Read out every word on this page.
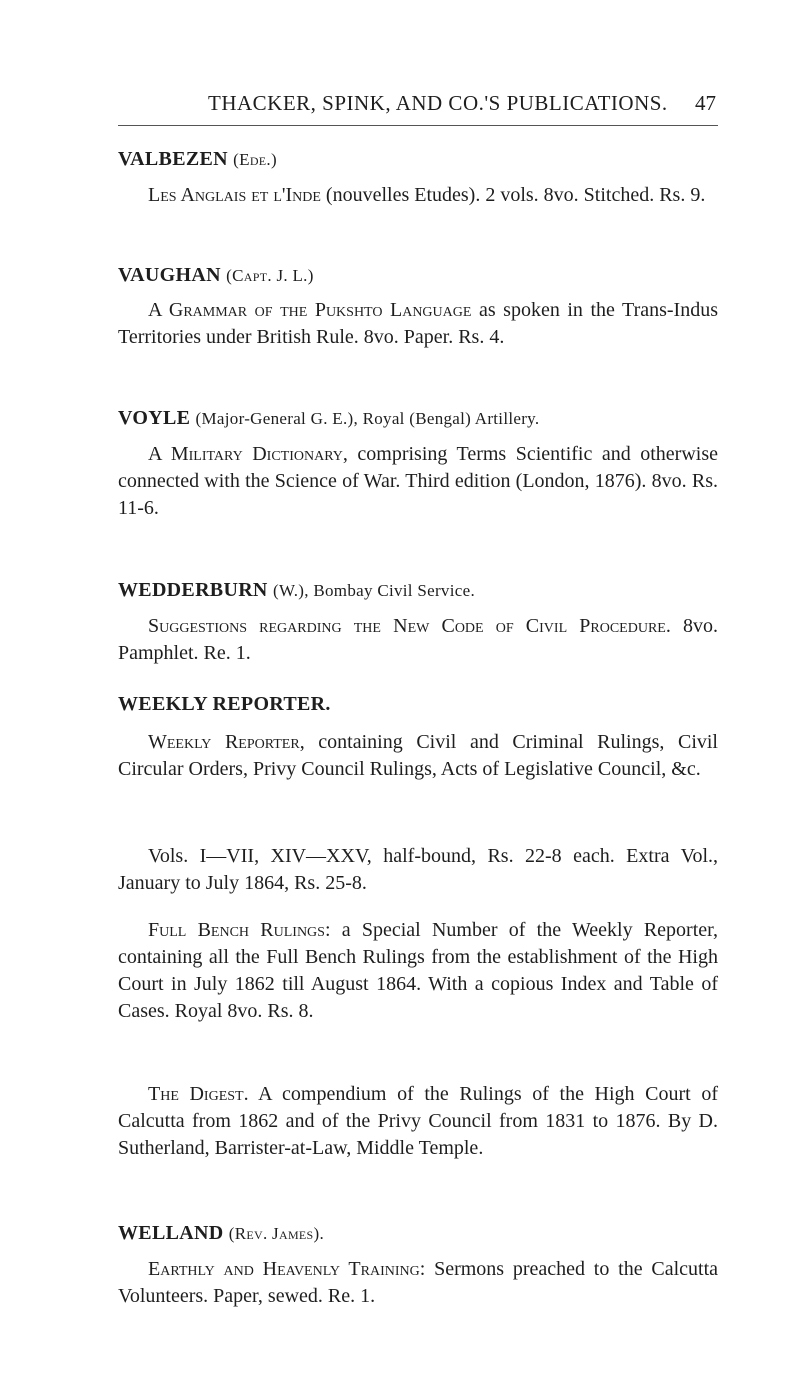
THACKER, SPINK, AND CO.'S PUBLICATIONS. 47
VALBEZEN (Ede.)
Les Anglais et l'Inde (nouvelles Etudes). 2 vols. 8vo. Stitched. Rs. 9.
VAUGHAN (Capt. J. L.)
A Grammar of the Pukshto Language as spoken in the Trans-Indus Territories under British Rule. 8vo. Paper. Rs. 4.
VOYLE (Major-General G. E.), Royal (Bengal) Artillery.
A Military Dictionary, comprising Terms Scientific and otherwise connected with the Science of War. Third edition (London, 1876). 8vo. Rs. 11-6.
WEDDERBURN (W.), Bombay Civil Service.
Suggestions regarding the New Code of Civil Procedure. 8vo. Pamphlet. Re. 1.
WEEKLY REPORTER.
Weekly Reporter, containing Civil and Criminal Rulings, Civil Circular Orders, Privy Council Rulings, Acts of Legislative Council, &c.
Vols. I—VII, XIV—XXV, half-bound, Rs. 22-8 each. Extra Vol., January to July 1864, Rs. 25-8.
Full Bench Rulings: a Special Number of the Weekly Reporter, containing all the Full Bench Rulings from the establishment of the High Court in July 1862 till August 1864. With a copious Index and Table of Cases. Royal 8vo. Rs. 8.
The Digest. A compendium of the Rulings of the High Court of Calcutta from 1862 and of the Privy Council from 1831 to 1876. By D. Sutherland, Barrister-at-Law, Middle Temple.
WELLAND (Rev. James).
Earthly and Heavenly Training: Sermons preached to the Calcutta Volunteers. Paper, sewed. Re. 1.
